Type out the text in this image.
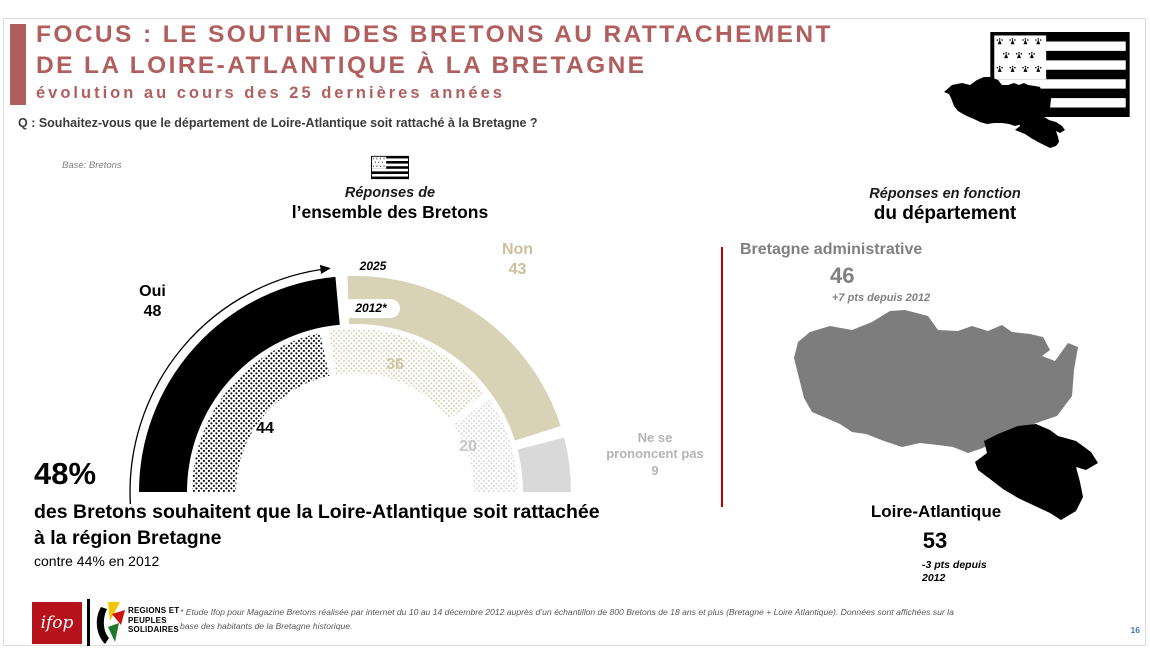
FOCUS : LE SOUTIEN DES BRETONS AU RATTACHEMENT
DE LA LOIRE-ATLANTIQUE À LA BRETAGNE
évolution au cours des 25 dernières années
Q : Souhaitez-vous que le département de Loire-Atlantique soit rattaché à la Bretagne ?
Base: Bretons
Réponses de
l’ensemble des Bretons
2025
2012*
Oui
48
Non
43
44
36
20
Ne se
prononcent pas
9
48%
des Bretons souhaitent que la Loire-Atlantique soit rattachée
à la région Bretagne
contre 44% en 2012
Réponses en fonction
du département
Bretagne administrative
46
+7 pts depuis 2012
Loire-Atlantique
53
-3 pts depuis
2012
ifop
REGIONS ET
PEUPLES
SOLIDAIRES
* Etude Ifop pour Magazine Bretons réalisée par internet du 10 au 14 décembre 2012 auprès d’un échantillon de 800 Bretons de 18 ans et plus (Bretagne + Loire Atlantique). Données sont affichées sur la base des habitants de la Bretagne historique.	16
